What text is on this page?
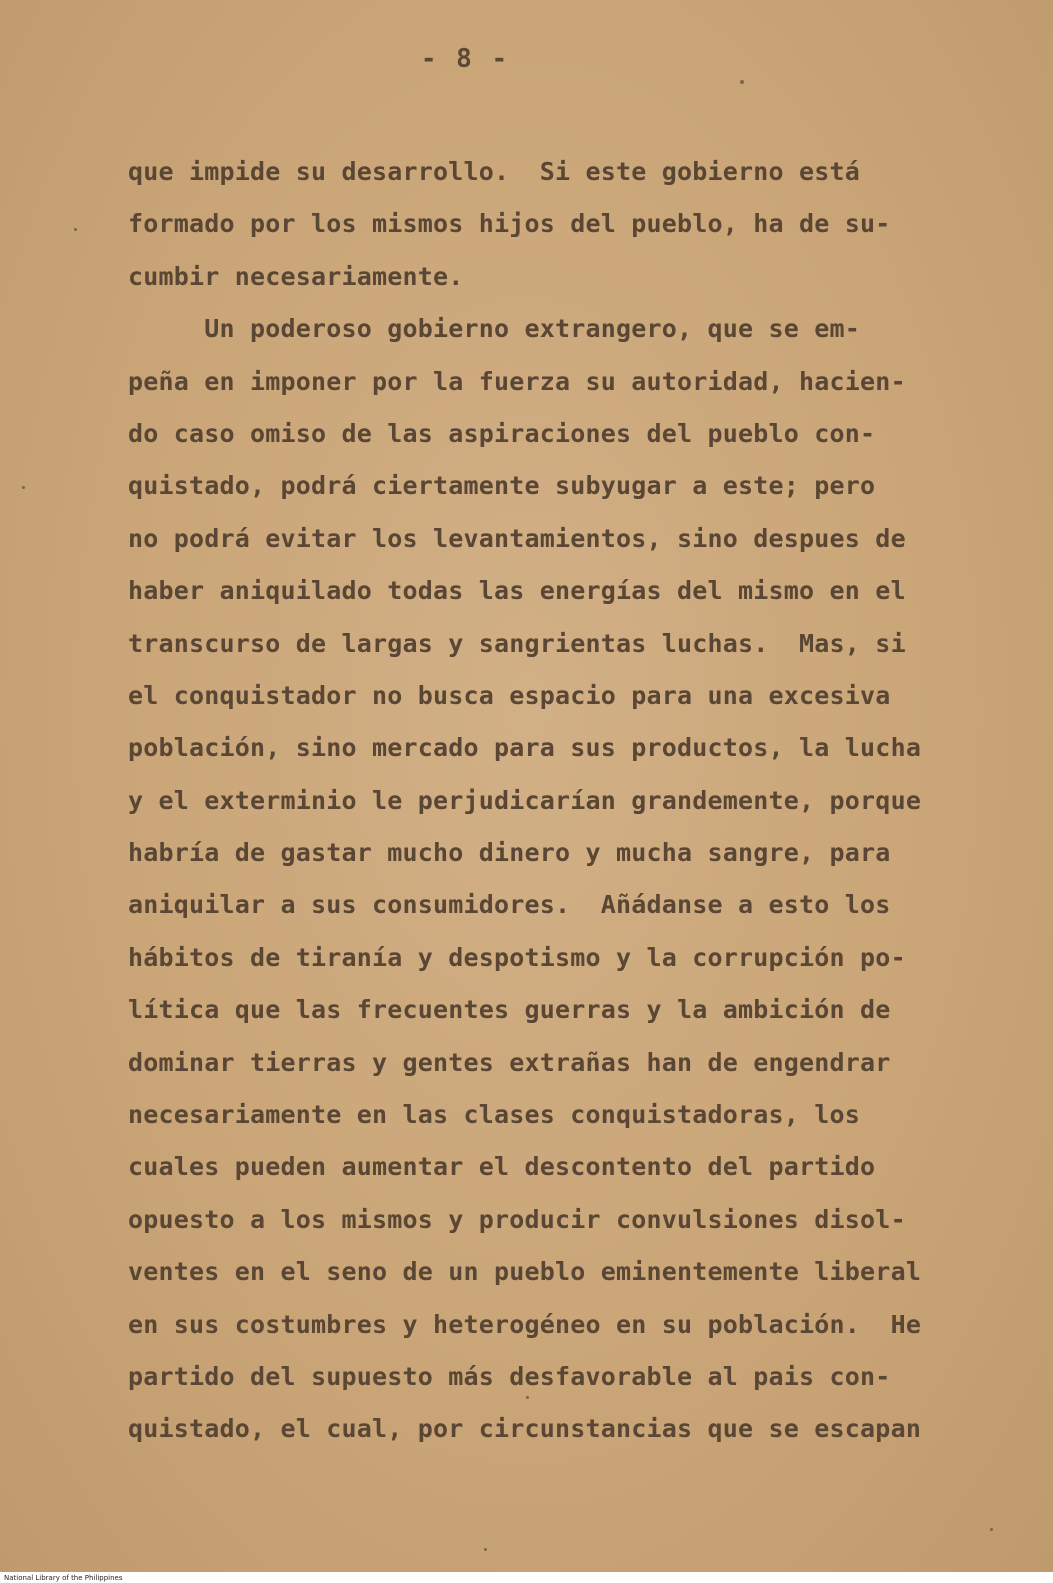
- 8 -
que impide su desarrollo.  Si este gobierno está
formado por los mismos hijos del pueblo, ha de su-
cumbir necesariamente.
Un poderoso gobierno extrangero, que se em-
peña en imponer por la fuerza su autoridad, hacien-
do caso omiso de las aspiraciones del pueblo con-
quistado, podrá ciertamente subyugar a este; pero
no podrá evitar los levantamientos, sino despues de
haber aniquilado todas las energías del mismo en el
transcurso de largas y sangrientas luchas.  Mas, si
el conquistador no busca espacio para una excesiva
población, sino mercado para sus productos, la lucha
y el exterminio le perjudicarían grandemente, porque
habría de gastar mucho dinero y mucha sangre, para
aniquilar a sus consumidores.  Añádanse a esto los
hábitos de tiranía y despotismo y la corrupción po-
lítica que las frecuentes guerras y la ambición de
dominar tierras y gentes extrañas han de engendrar
necesariamente en las clases conquistadoras, los
cuales pueden aumentar el descontento del partido
opuesto a los mismos y producir convulsiones disol-
ventes en el seno de un pueblo eminentemente liberal
en sus costumbres y heterogéneo en su población.  He
partido del supuesto más desfavorable al pais con-
quistado, el cual, por circunstancias que se escapan
National Library of the Philippines
